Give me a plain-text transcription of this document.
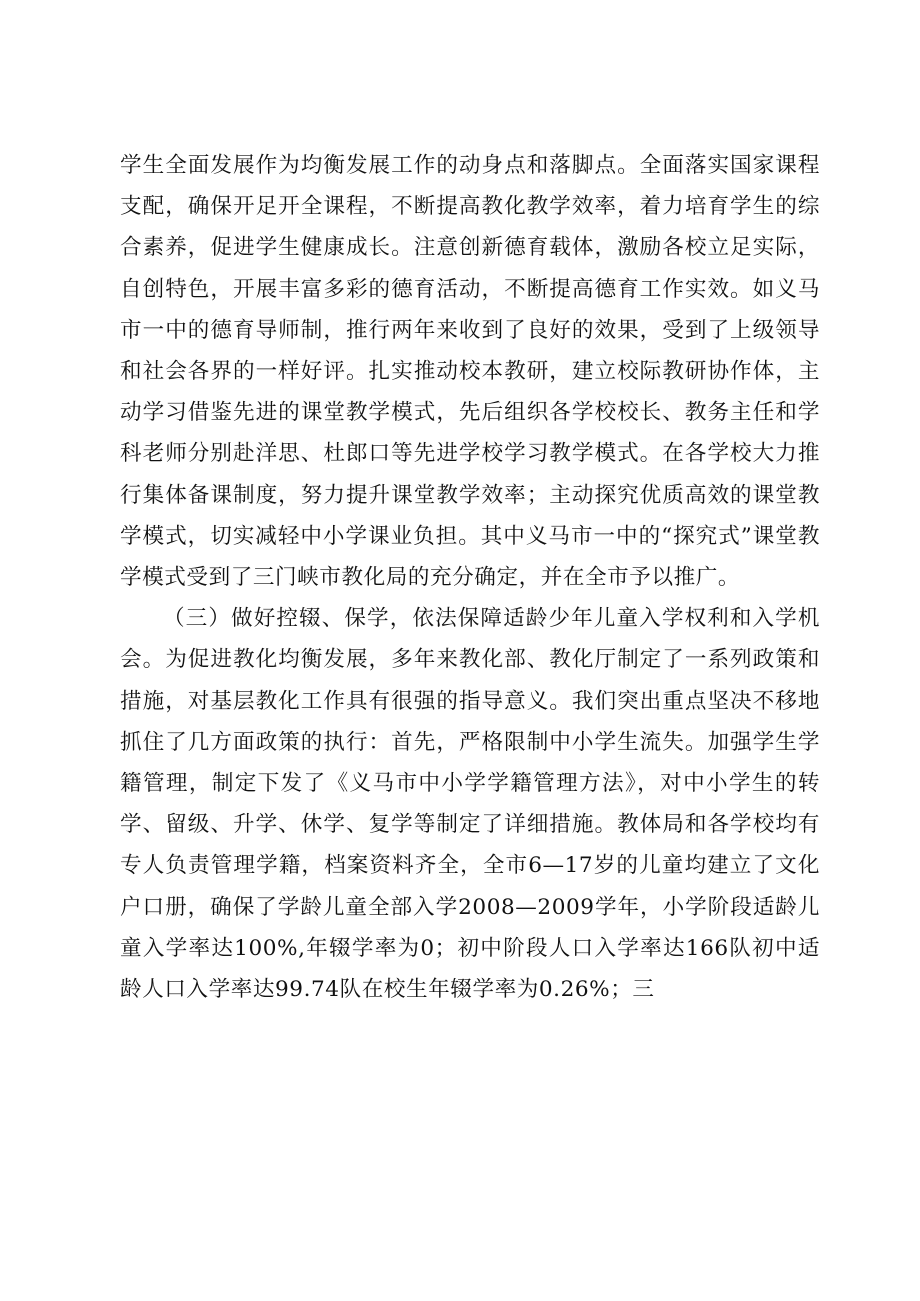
学生全面发展作为均衡发展工作的动身点和落脚点。全面落实国家课程支配，确保开足开全课程，不断提高教化教学效率，着力培育学生的综合素养，促进学生健康成长。注意创新德育载体，激励各校立足实际，自创特色，开展丰富多彩的德育活动，不断提高德育工作实效。如义马市一中的德育导师制，推行两年来收到了良好的效果，受到了上级领导和社会各界的一样好评。扎实推动校本教研，建立校际教研协作体，主动学习借鉴先进的课堂教学模式，先后组织各学校校长、教务主任和学科老师分别赴洋思、杜郎口等先进学校学习教学模式。在各学校大力推行集体备课制度，努力提升课堂教学效率；主动探究优质高效的课堂教学模式，切实减轻中小学课业负担。其中义马市一中的“探究式”课堂教学模式受到了三门峡市教化局的充分确定，并在全市予以推广。

（三）做好控辍、保学，依法保障适龄少年儿童入学权利和入学机会。为促进教化均衡发展，多年来教化部、教化厅制定了一系列政策和措施，对基层教化工作具有很强的指导意义。我们突出重点坚决不移地抓住了几方面政策的执行：首先，严格限制中小学生流失。加强学生学籍管理，制定下发了《义马市中小学学籍管理方法》，对中小学生的转学、留级、升学、休学、复学等制定了详细措施。教体局和各学校均有专人负责管理学籍，档案资料齐全，全市6—17岁的儿童均建立了文化户口册，确保了学龄儿童全部入学2008—2009学年，小学阶段适龄儿童入学率达100%,年辍学率为0；初中阶段人口入学率达166队初中适龄人口入学率达99.74队在校生年辍学率为0.26%；三
